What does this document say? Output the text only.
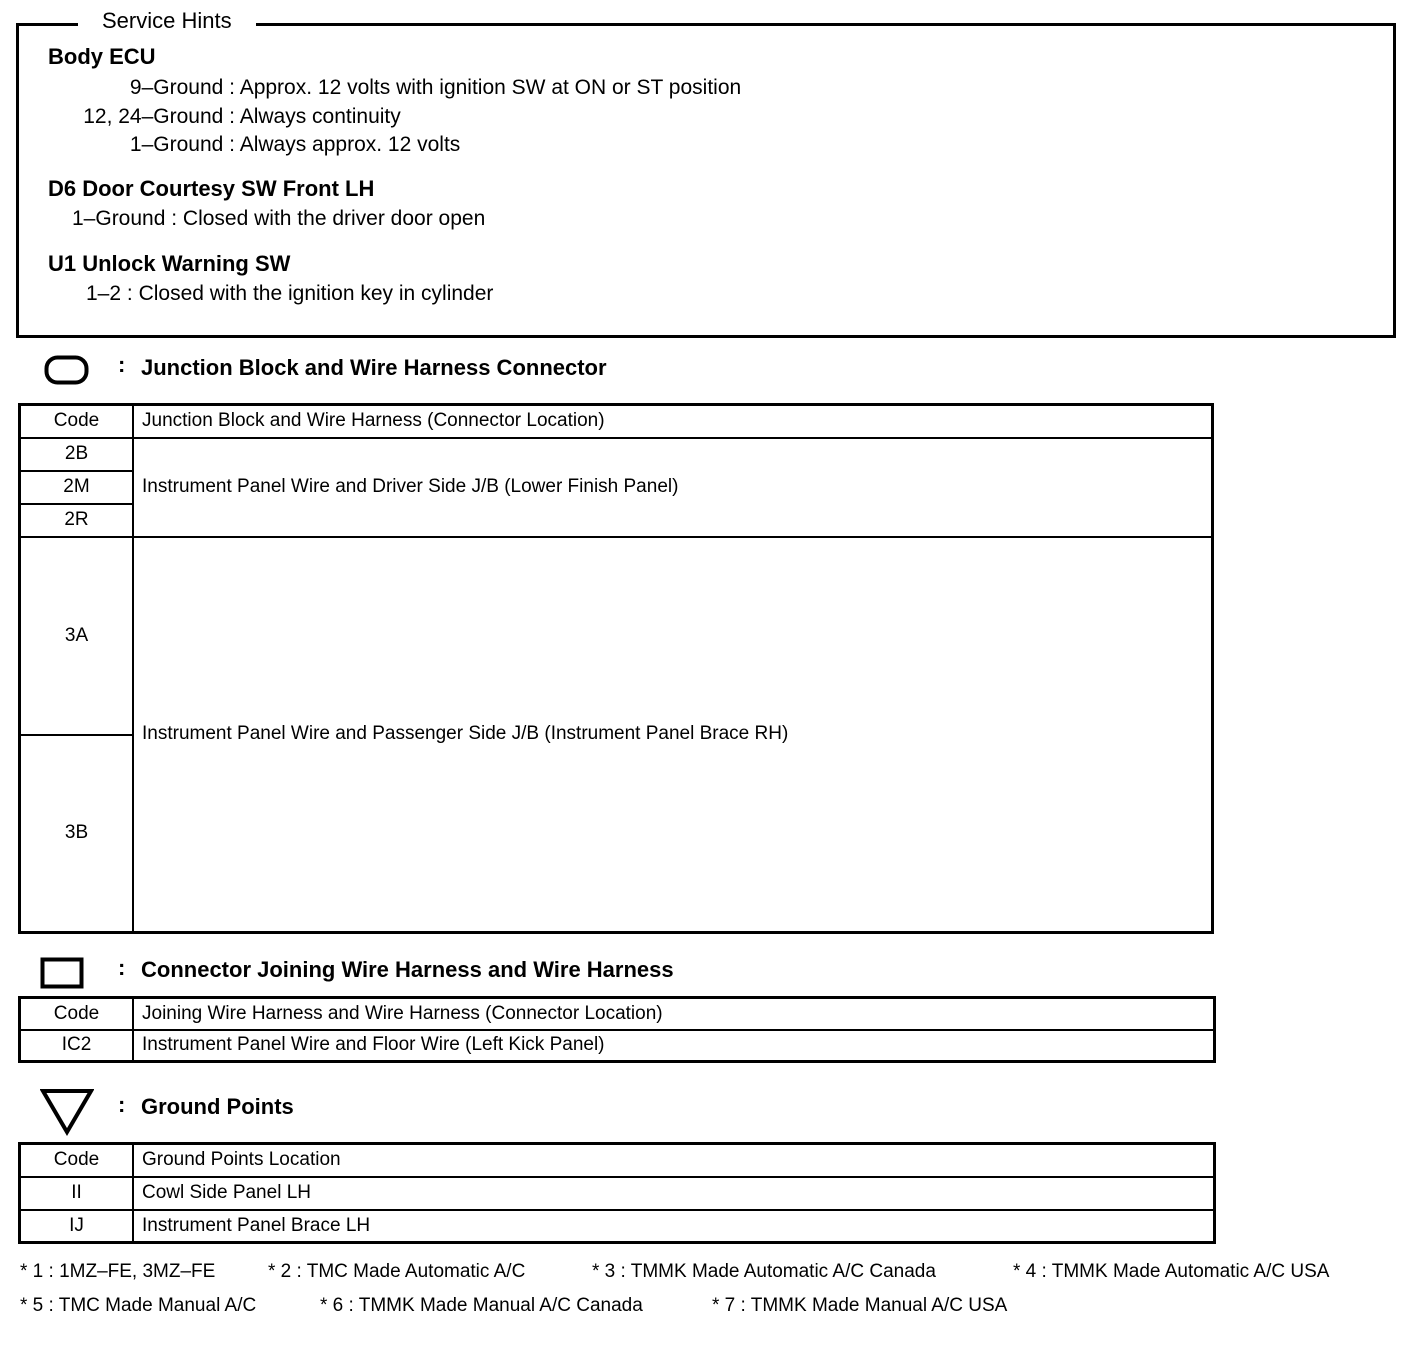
Service Hints
Body ECU
9–Ground : Approx. 12 volts with ignition SW at ON or ST position
12, 24–Ground : Always continuity
1–Ground : Always approx. 12 volts
D6 Door Courtesy SW Front LH
1–Ground : Closed with the driver door open
U1 Unlock Warning SW
1–2 : Closed with the ignition key in cylinder
: Junction Block and Wire Harness Connector
Code	Junction Block and Wire Harness (Connector Location)
2B	Instrument Panel Wire and Driver Side J/B (Lower Finish Panel)
2M	
2R	
3A	Instrument Panel Wire and Passenger Side J/B (Instrument Panel Brace RH)
3B	
: Connector Joining Wire Harness and Wire Harness
Code	Joining Wire Harness and Wire Harness (Connector Location)
IC2	Instrument Panel Wire and Floor Wire (Left Kick Panel)
: Ground Points
Code	Ground Points Location
II	Cowl Side Panel LH
IJ	Instrument Panel Brace LH
* 1 : 1MZ–FE, 3MZ–FE	* 2 : TMC Made Automatic A/C	* 3 : TMMK Made Automatic A/C Canada	* 4 : TMMK Made Automatic A/C USA
* 5 : TMC Made Manual A/C	* 6 : TMMK Made Manual A/C Canada	* 7 : TMMK Made Manual A/C USA
